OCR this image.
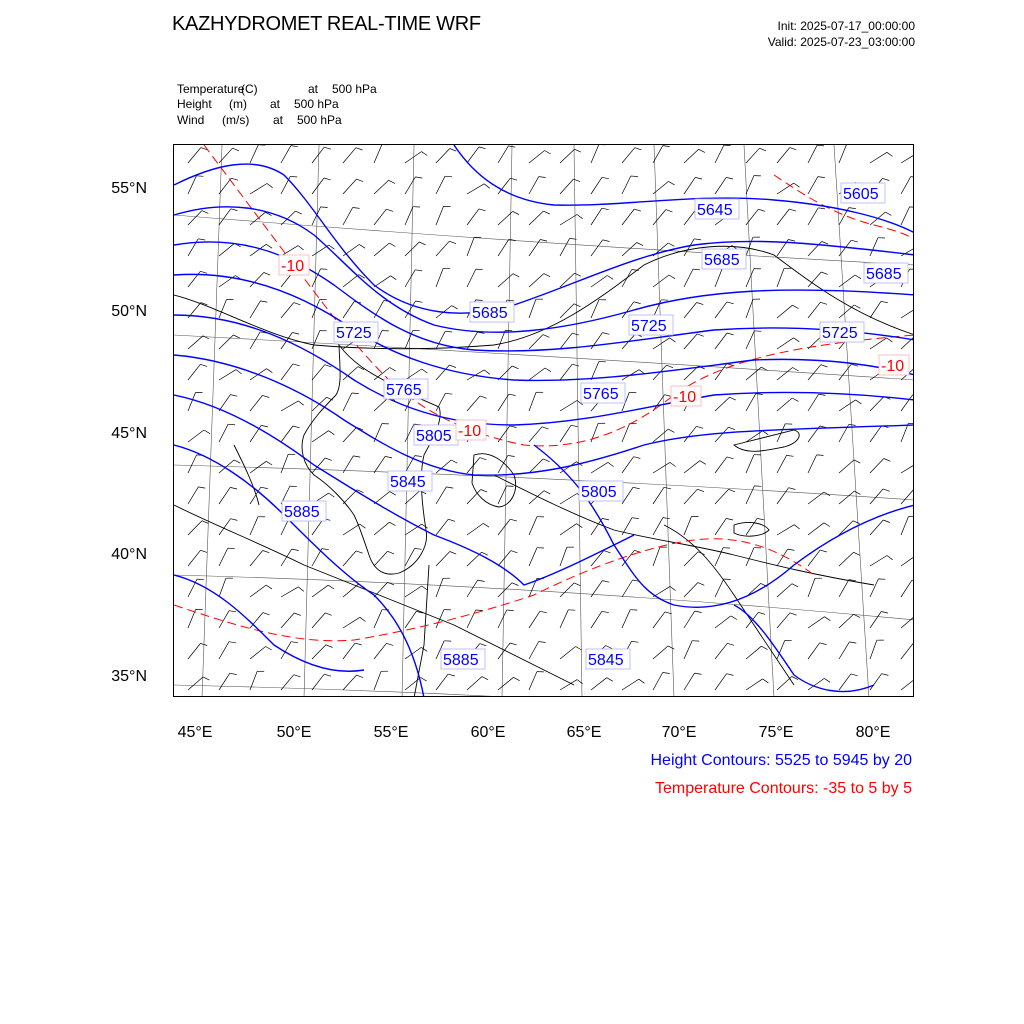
KAZHYDROMET REAL-TIME WRF	Init: 2025-07-17_00:00:00
Valid: 2025-07-23_03:00:00
Temperature
(C)	at 500 hPa
Height (m) at 500 hPa
Wind (m/s) at 500 hPa
5605
5645
5685
5685
5685
5725	5725	5725
5765	5765
5805
5805
5845
5845
5885
5885
-10
-10
-10
-10
55°N
50°N
45°N
40°N
35°N
45°E	50°E	55°E	60°E	65°E	70°E	75°E	80°E
Height Contours: 5525 to 5945 by 20
Temperature Contours: -35 to 5 by 5
